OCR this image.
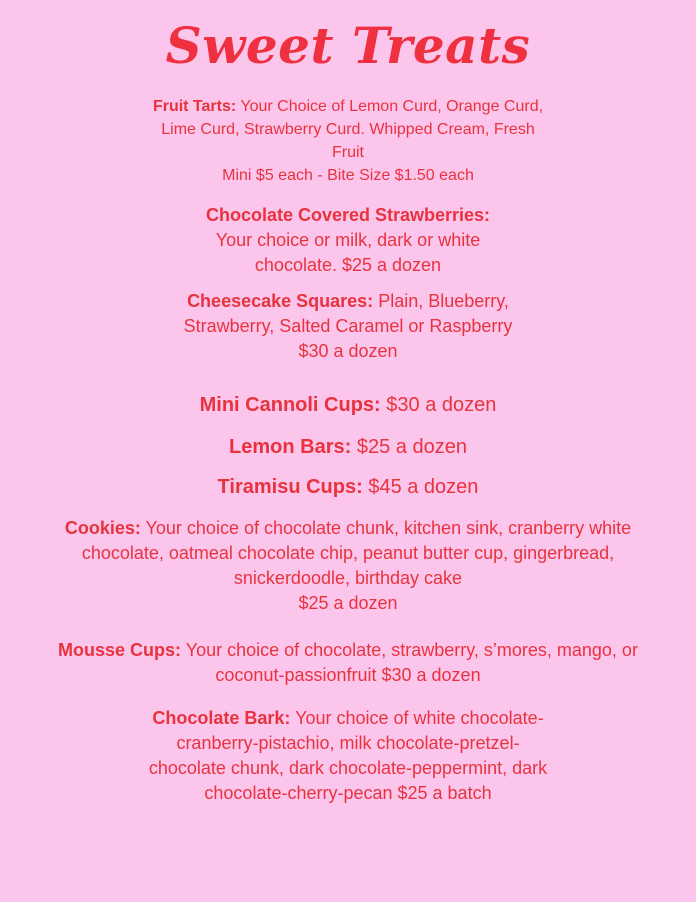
Sweet Treats
Fruit Tarts: Your Choice of Lemon Curd, Orange Curd, Lime Curd, Strawberry Curd. Whipped Cream, Fresh Fruit
Mini $5 each - Bite Size $1.50 each
Chocolate Covered Strawberries:
Your choice or milk, dark or white chocolate. $25 a dozen
Cheesecake Squares: Plain, Blueberry, Strawberry, Salted Caramel or Raspberry
$30 a dozen
Mini Cannoli Cups: $30 a dozen
Lemon Bars: $25 a dozen
Tiramisu Cups: $45 a dozen
Cookies: Your choice of chocolate chunk, kitchen sink, cranberry white chocolate, oatmeal chocolate chip, peanut butter cup, gingerbread, snickerdoodle, birthday cake
$25 a dozen
Mousse Cups: Your choice of chocolate, strawberry, s’mores, mango, or coconut-passionfruit $30 a dozen
Chocolate Bark: Your choice of white chocolate-cranberry-pistachio, milk chocolate-pretzel-chocolate chunk, dark chocolate-peppermint, dark chocolate-cherry-pecan $25 a batch
